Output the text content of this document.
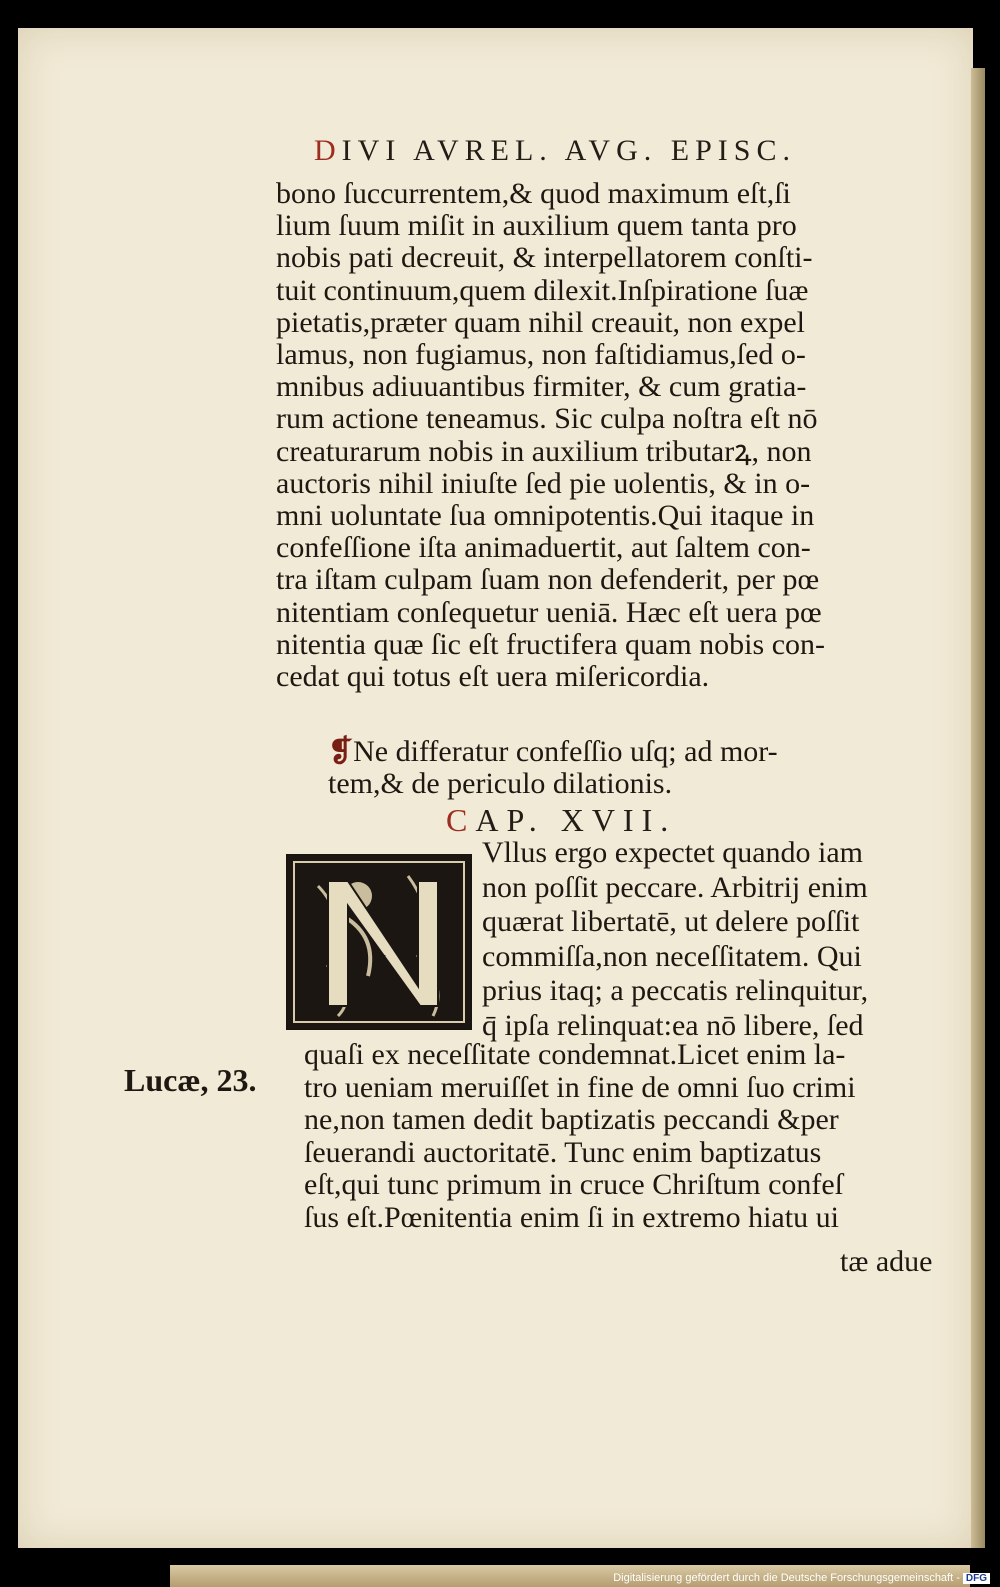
DIVI AVREL. AVG. EPISC.
bono ſuccurrentem,& quod maximum eſt,ſi
lium ſuum miſit in auxilium quem tanta pro
nobis pati decreuit, & interpellatorem conſti-
tuit continuum,quem dilexit.Inſpiratione ſuæ
pietatis,præter quam nihil creauit, non expel
lamus, non fugiamus, non faſtidiamus,ſed o-
mnibus adiuuantibus firmiter, & cum gratia-
rum actione teneamus. Sic culpa noſtra eſt nō
creaturarum nobis in auxilium tributarꝝ, non
auctoris nihil iniuſte ſed pie uolentis, & in o-
mni uoluntate ſua omnipotentis.Qui itaque in
confeſſione iſta animaduertit, aut ſaltem con-
tra iſtam culpam ſuam non defenderit, per pœ
nitentiam conſequetur ueniā. Hæc eſt uera pœ
nitentia quæ ſic eſt fructifera quam nobis con-
cedat qui totus eſt uera miſericordia.
❡Ne differatur confeſſio uſq; ad mor-
tem,& de periculo dilationis.
CAP. XVII.
N
Vllus ergo expectet quando iam
non poſſit peccare. Arbitrij enim
quærat libertatē, ut delere poſſit
commiſſa,non neceſſitatem. Qui
prius itaq; a peccatis relinquitur,
q̄ ipſa relinquat:ea nō libere, ſed
Lucæ, 23.
quaſi ex neceſſitate condemnat.Licet enim la-
tro ueniam meruiſſet in fine de omni ſuo crimi
ne,non tamen dedit baptizatis peccandi &per
ſeuerandi auctoritatē. Tunc enim baptizatus
eſt,qui tunc primum in cruce Chriſtum confeſ
ſus eſt.Pœnitentia enim ſi in extremo hiatu ui
tæ adue
Digitalisierung gefördert durch die Deutsche Forschungsgemeinschaft - DFG
